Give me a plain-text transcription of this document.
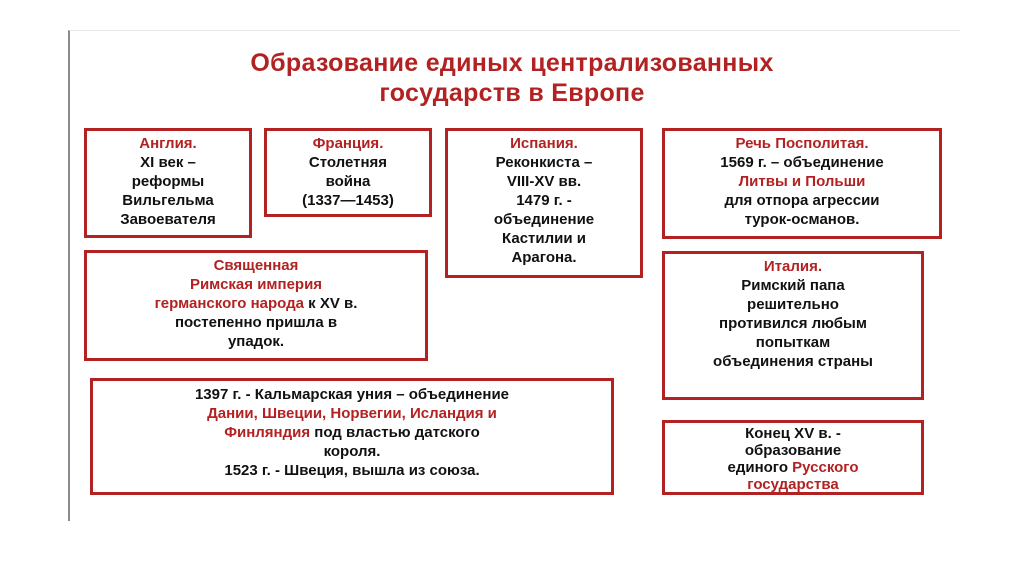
Образование единых централизованных
государств в Европе
Англия.
XI век –
реформы
Вильгельма
Завоевателя
Франция.
Столетняя
война
(1337—1453)
Испания.
Реконкиста –
VIII-XV вв.
1479 г. -
объединение
Кастилии и
Арагона.
Речь Посполитая.
1569 г. – объединение
Литвы и Польши
для отпора агрессии
турок-османов.
Священная
Римская империя
германского народа к XV в.
постепенно пришла в
упадок.
Италия.
Римский папа
решительно
противился любым
попыткам
объединения страны
1397 г. - Кальмарская уния – объединение
Дании, Швеции, Норвегии, Исландия и
Финляндия под властью датского
короля.
1523 г. - Швеция, вышла из союза.
Конец XV в. -
образование
единого Русского
государства
